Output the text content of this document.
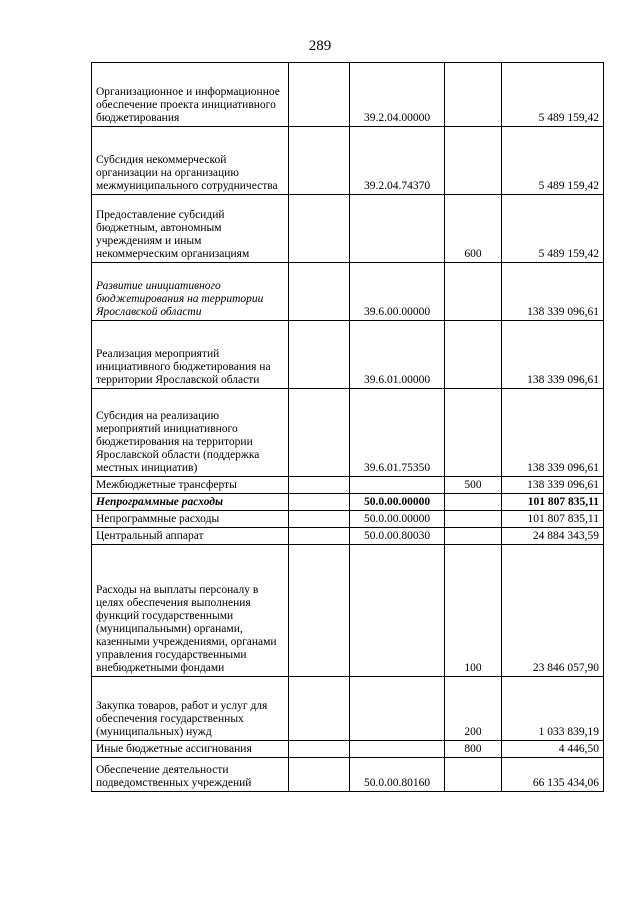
289
Организационное и информационное обеспечение проекта инициативного бюджетирования		39.2.04.00000		5 489 159,42
Субсидия некоммерческой организации на организацию межмуниципального сотрудничества		39.2.04.74370		5 489 159,42
Предоставление субсидий бюджетным, автономным учреждениям и иным некоммерческим организациям			600	5 489 159,42
Развитие инициативного бюджетирования на территории Ярославской области		39.6.00.00000		138 339 096,61
Реализация мероприятий инициативного бюджетирования на территории Ярославской области		39.6.01.00000		138 339 096,61
Субсидия на реализацию мероприятий инициативного бюджетирования на территории Ярославской области (поддержка местных инициатив)		39.6.01.75350		138 339 096,61
Межбюджетные трансферты			500	138 339 096,61
Непрограммные расходы		50.0.00.00000		101 807 835,11
Непрограммные расходы		50.0.00.00000		101 807 835,11
Центральный аппарат		50.0.00.80030		24 884 343,59
Расходы на выплаты персоналу в целях обеспечения выполнения функций государственными (муниципальными) органами, казенными учреждениями, органами управления государственными внебюджетными фондами			100	23 846 057,90
Закупка товаров, работ и услуг для обеспечения государственных (муниципальных) нужд			200	1 033 839,19
Иные бюджетные ассигнования			800	4 446,50
Обеспечение деятельности подведомственных учреждений		50.0.00.80160		66 135 434,06
